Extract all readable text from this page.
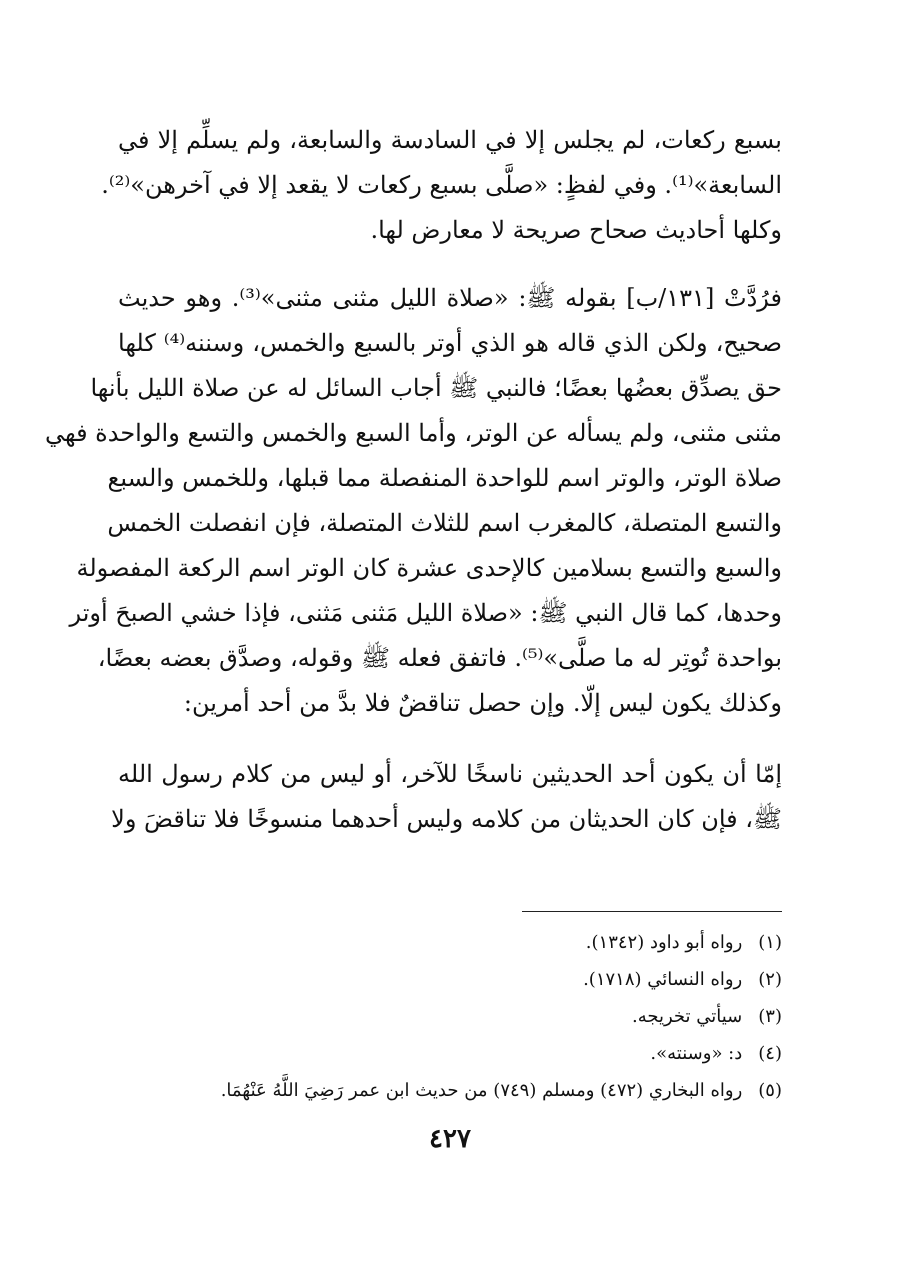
بسبع ركعات، لم يجلس إلا في السادسة والسابعة، ولم يسلِّم إلا في
السابعة»⁽¹⁾. وفي لفظٍ: «صلَّى بسبع ركعات لا يقعد إلا في آخرهن»⁽²⁾.
وكلها أحاديث صحاح صريحة لا معارض لها.
فرُدَّتْ [١٣١/ب] بقوله ﷺ: «صلاة الليل مثنى مثنى»⁽³⁾. وهو حديث
صحيح، ولكن الذي قاله هو الذي أوتر بالسبع والخمس، وسننه⁽⁴⁾ كلها
حق يصدِّق بعضُها بعضًا؛ فالنبي ﷺ أجاب السائل له عن صلاة الليل بأنها
مثنى مثنى، ولم يسأله عن الوتر، وأما السبع والخمس والتسع والواحدة فهي
صلاة الوتر، والوتر اسم للواحدة المنفصلة مما قبلها، وللخمس والسبع
والتسع المتصلة، كالمغرب اسم للثلاث المتصلة، فإن انفصلت الخمس
والسبع والتسع بسلامين كالإحدى عشرة كان الوتر اسم الركعة المفصولة
وحدها، كما قال النبي ﷺ: «صلاة الليل مَثنى مَثنى، فإذا خشي الصبحَ أوتر
بواحدة تُوتِر له ما صلَّى»⁽⁵⁾. فاتفق فعله ﷺ وقوله، وصدَّق بعضه بعضًا،
وكذلك يكون ليس إلّا. وإن حصل تناقضٌ فلا بدَّ من أحد أمرين:
إمّا أن يكون أحد الحديثين ناسخًا للآخر، أو ليس من كلام رسول الله
ﷺ، فإن كان الحديثان من كلامه وليس أحدهما منسوخًا فلا تناقضَ ولا
(١) رواه أبو داود (١٣٤٢).
(٢) رواه النسائي (١٧١٨).
(٣) سيأتي تخريجه.
(٤) د: «وسنته».
(٥) رواه البخاري (٤٧٢) ومسلم (٧٤٩) من حديث ابن عمر رَضِيَ اللَّهُ عَنْهُمَا.
٤٢٧
